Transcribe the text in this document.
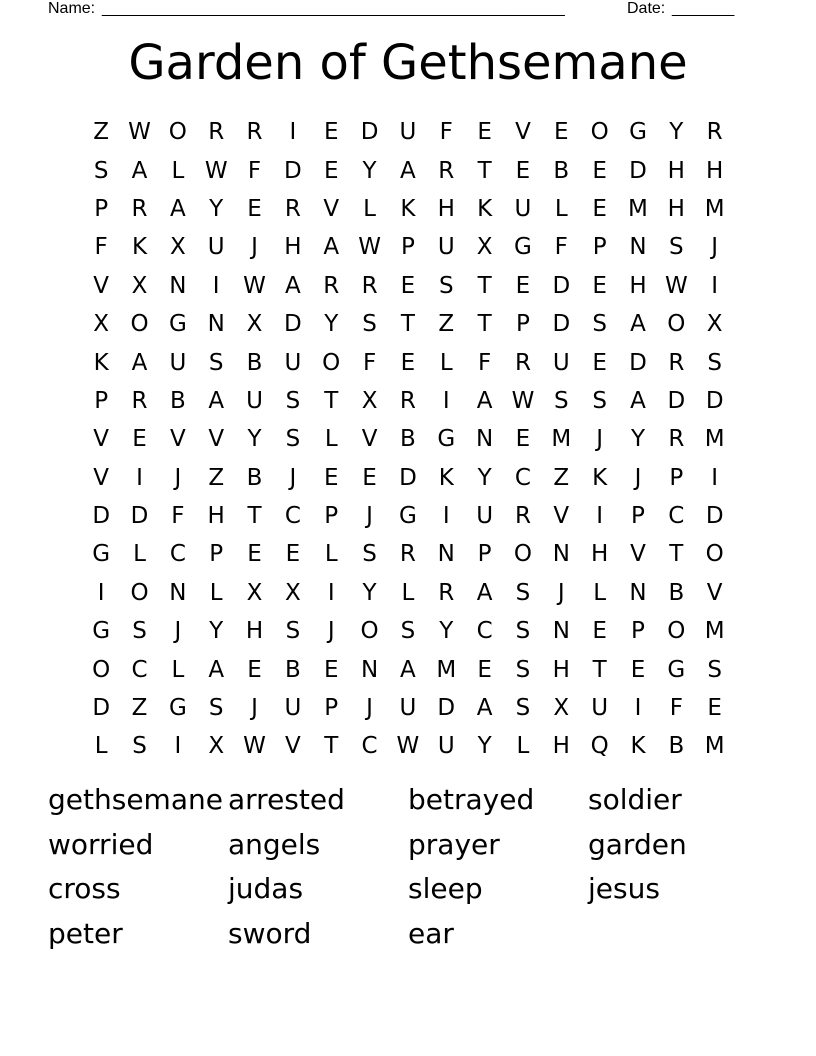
Name: ____________________________________________________	Date: _______
Garden of Gethsemane
Z W O R R	I	E D U	F	E	V	E O G Y	R
S	A	L W F D E	Y	A R	T	E	B	E D H H
P	R A	Y	E	R V	L	K H K U	L	E M H M
F	K X U	J	H A W P U X G F	P N S	J
V X N	I	W A R R	E	S	T	E D E H W	I
X O G N X D Y	S	T	Z	T	P D S	A O X
K A U S	B U O F	E	L	F	R U E D R	S
P	R B A U S	T	X R	I	A W S	S	A D D
V	E	V V	Y	S	L	V B G N E M	J	Y	R M
V	I	J	Z B	J	E	E D K	Y	C Z K	J	P	I
D D F	H T	C	P	J	G	I	U R V	I	P	C D
G	L	C	P	E	E	L	S	R N P O N H V	T O
I	O N	L	X X	I	Y	L	R A	S	J	L	N B V
G S	J	Y H S	J	O S	Y	C	S N E	P O M
O C	L	A	E	B	E N A M E	S H T	E G S
D Z G S	J	U P	J	U D A	S	X U	I	F	E
L	S	I	X W V	T	C W U Y	L	H Q K B M
gethsemane arrested	betrayed	soldier
worried	angels	prayer	garden
cross	judas	sleep	jesus
peter	sword	ear
